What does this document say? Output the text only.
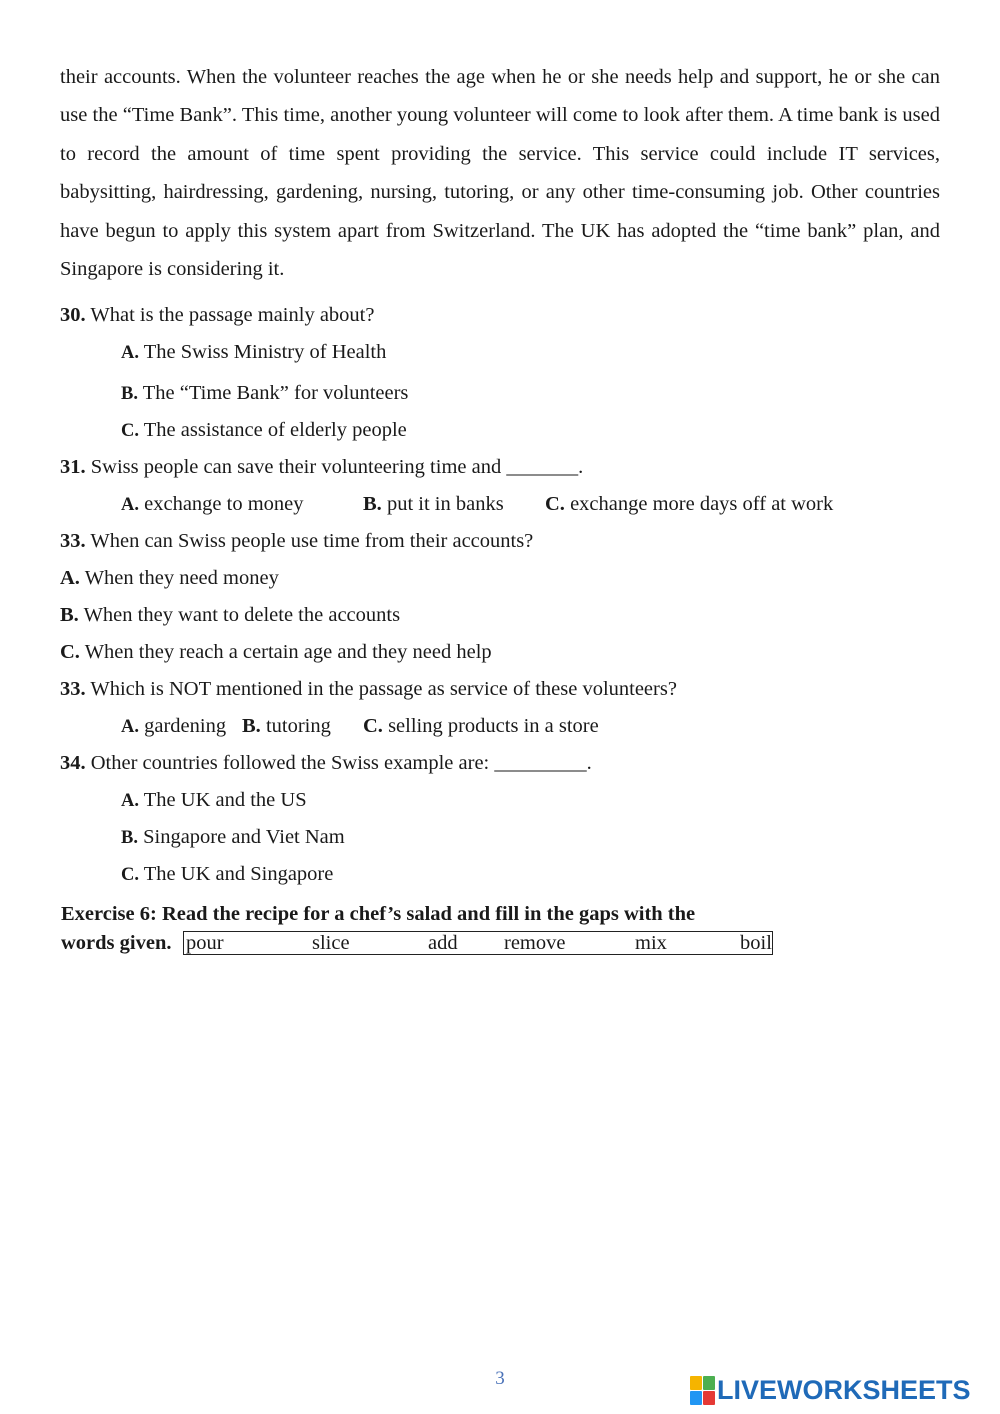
their accounts. When the volunteer reaches the age when he or she needs help and support, he or she can use the “Time Bank”. This time, another young volunteer will come to look after them. A time bank is used to record the amount of time spent providing the service. This service could include IT services, babysitting, hairdressing, gardening, nursing, tutoring, or any other time-consuming job. Other countries have begun to apply this system apart from Switzerland. The UK has adopted the “time bank” plan, and Singapore is considering it.

30. What is the passage mainly about?
A. The Swiss Ministry of Health
B. The “Time Bank” for volunteers
C. The assistance of elderly people
31. Swiss people can save their volunteering time and _______.
A. exchange to money	B. put it in banks C. exchange more days off at work
33. When can Swiss people use time from their accounts?
A. When they need money
B. When they want to delete the accounts
C. When they reach a certain age and they need help
33. Which is NOT mentioned in the passage as service of these volunteers?
A. gardening B. tutoring C. selling products in a store
34. Other countries followed the Swiss example are: _________.
A. The UK and the US
B. Singapore and Viet Nam
C. The UK and Singapore
Exercise 6: Read the recipe for a chef’s salad and fill in the gaps with the
words given. pour	slice	add remove	mix	boil
3	LIVEWORKSHEETS
